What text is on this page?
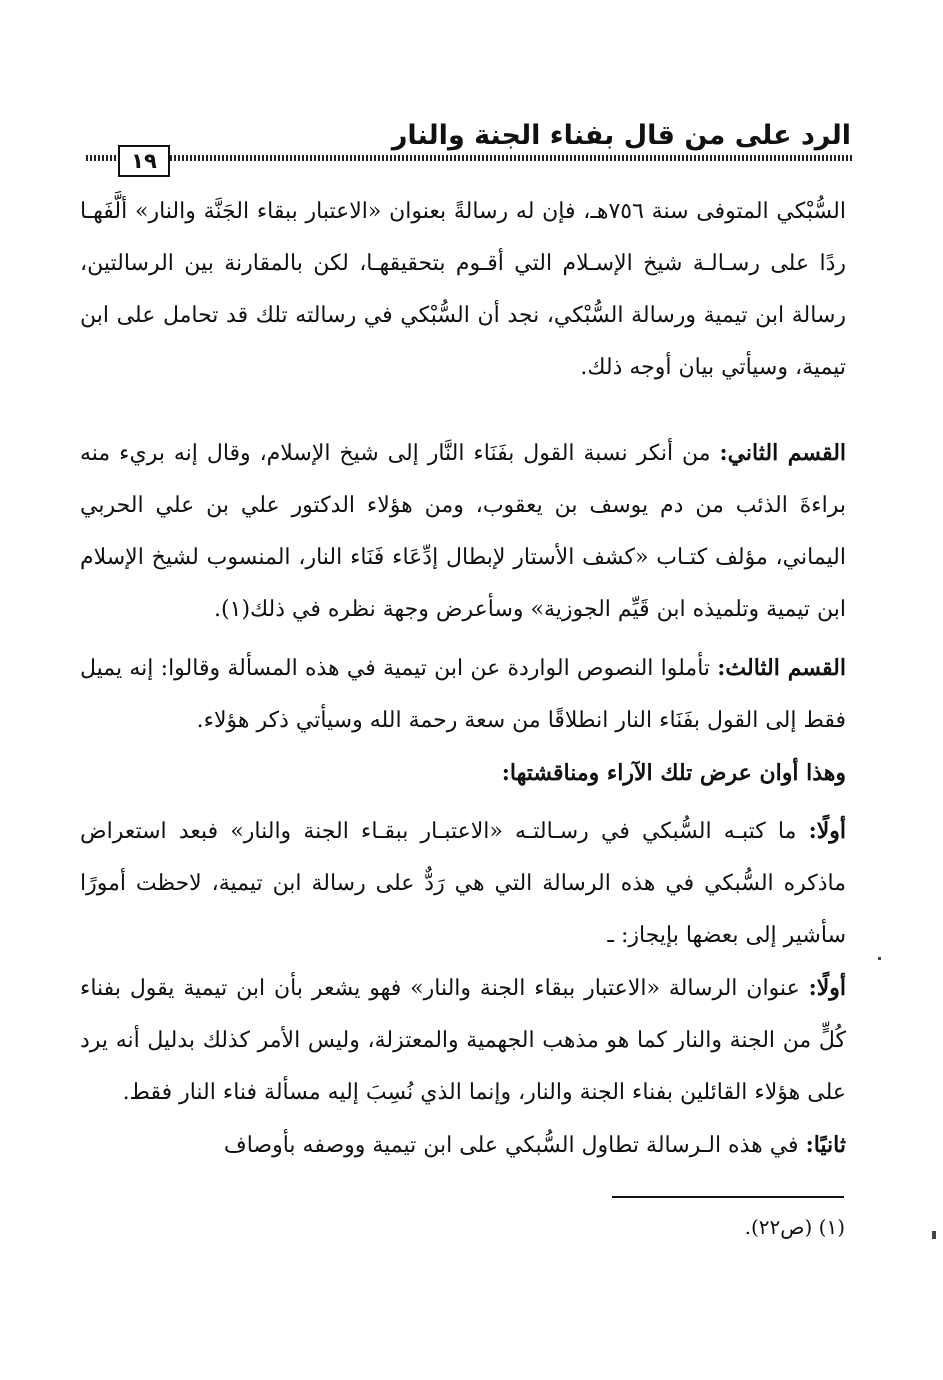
الرد على من قال بفناء الجنة والنار
١٩

السُّبْكي المتوفى سنة ٧٥٦هـ، فإن له رسالةً بعنوان «الاعتبار ببقاء الجَنَّة والنار» ألَّفَهـا ردًا على رسـالـة شيخ الإسـلام التي أقـوم بتحقيقهـا، لكن بالمقارنة بين الرسالتين، رسالة ابن تيمية ورسالة السُّبْكي، نجد أن السُّبْكي في رسالته تلك قد تحامل على ابن تيمية، وسيأتي بيان أوجه ذلك.

القسم الثاني: من أنكر نسبة القول بفَنَاء النَّار إلى شيخ الإسلام، وقال إنه بريء منه براءةَ الذئب من دم يوسف بن يعقوب، ومن هؤلاء الدكتور علي بن علي الحربي اليماني، مؤلف كتـاب «كشف الأستار لإبطال إدِّعَاء فَنَاء النار، المنسوب لشيخ الإسلام ابن تيمية وتلميذه ابن قَيِّم الجوزية» وسأعرض وجهة نظره في ذلك(١).

القسم الثالث: تأملوا النصوص الواردة عن ابن تيمية في هذه المسألة وقالوا: إنه يميل فقط إلى القول بفَنَاء النار انطلاقًا من سعة رحمة الله وسيأتي ذكر هؤلاء.

وهذا أوان عرض تلك الآراء ومناقشتها:

أولًا: ما كتبـه السُّبكي في رسـالتـه «الاعتبـار ببقـاء الجنة والنار» فبعد استعراض ماذكره السُّبكي في هذه الرسالة التي هي رَدٌّ على رسالة ابن تيمية، لاحظت أمورًا سأشير إلى بعضها بإيجاز: ـ

أولًا: عنوان الرسالة «الاعتبار ببقاء الجنة والنار» فهو يشعر بأن ابن تيمية يقول بفناء كُلٍّ من الجنة والنار كما هو مذهب الجهمية والمعتزلة، وليس الأمر كذلك بدليل أنه يرد على هؤلاء القائلين بفناء الجنة والنار، وإنما الذي نُسِبَ إليه مسألة فناء النار فقط.

ثانيًا: في هذه الـرسالة تطاول السُّبكي على ابن تيمية ووصفه بأوصاف

(١) (ص٢٢).
